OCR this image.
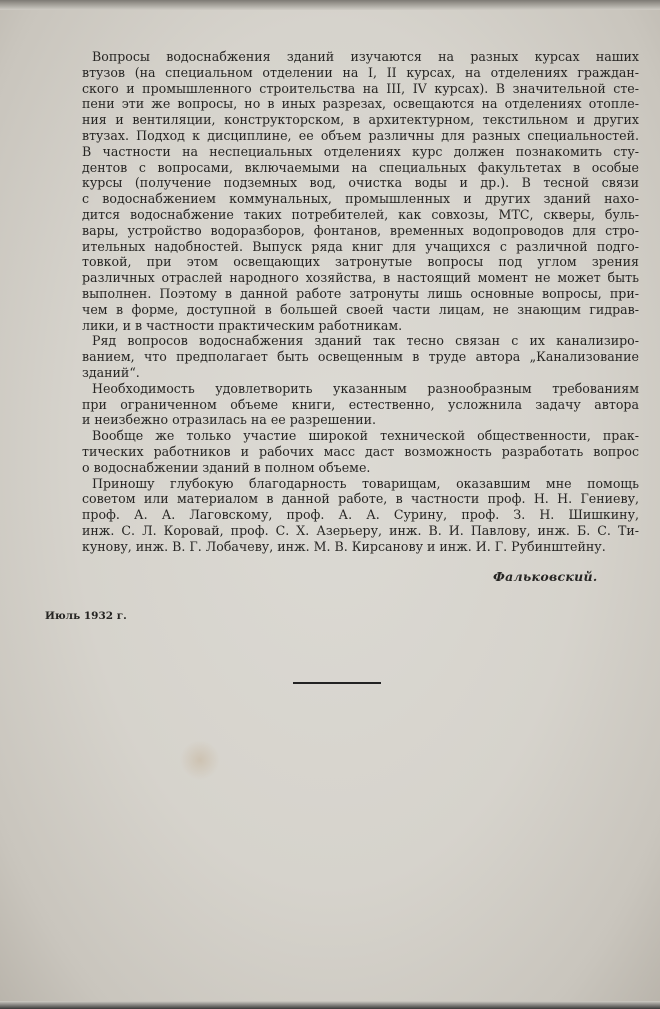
Вопросы водоснабжения зданий изучаются на разных курсах наших
втузов (на специальном отделении на I, II курсах, на отделениях граждан-
ского и промышленного строительства на III, IV курсах). В значительной сте-
пени эти же вопросы, но в иных разрезах, освещаются на отделениях отопле-
ния и вентиляции, конструкторском, в архитектурном, текстильном и других
втузах. Подход к дисциплине, ее объем различны для разных специальностей.
В частности на неспециальных отделениях курс должен познакомить сту-
дентов с вопросами, включаемыми на специальных факультетах в особые
курсы (получение подземных вод, очистка воды и др.). В тесной связи
с водоснабжением коммунальных, промышленных и других зданий нахо-
дится водоснабжение таких потребителей, как совхозы, МТС, скверы, буль-
вары, устройство водоразборов, фонтанов, временных водопроводов для стро-
ительных надобностей. Выпуск ряда книг для учащихся с различной подго-
товкой, при этом освещающих затронутые вопросы под углом зрения
различных отраслей народного хозяйства, в настоящий момент не может быть
выполнен. Поэтому в данной работе затронуты лишь основные вопросы, при-
чем в форме, доступной в большей своей части лицам, не знающим гидрав-
лики, и в частности практическим работникам.
Ряд вопросов водоснабжения зданий так тесно связан с их канализиро-
ванием, что предполагает быть освещенным в труде автора „Канализование
зданий“.
Необходимость удовлетворить указанным разнообразным требованиям
при ограниченном объеме книги, естественно, усложнила задачу автора
и неизбежно отразилась на ее разрешении.
Вообще же только участие широкой технической общественности, прак-
тических работников и рабочих масс даст возможность разработать вопрос
о водоснабжении зданий в полном объеме.
Приношу глубокую благодарность товарищам, оказавшим мне помощь
советом или материалом в данной работе, в частности проф. Н. Н. Гениеву,
проф. А. А. Лаговскому, проф. А. А. Сурину, проф. З. Н. Шишкину,
инж. С. Л. Коровай, проф. С. Х. Азерьеру, инж. В. И. Павлову, инж. Б. С. Ти-
кунову, инж. В. Г. Лобачеву, инж. М. В. Кирсанову и инж. И. Г. Рубинштейну.
Фальковский.
Июль 1932 г.
